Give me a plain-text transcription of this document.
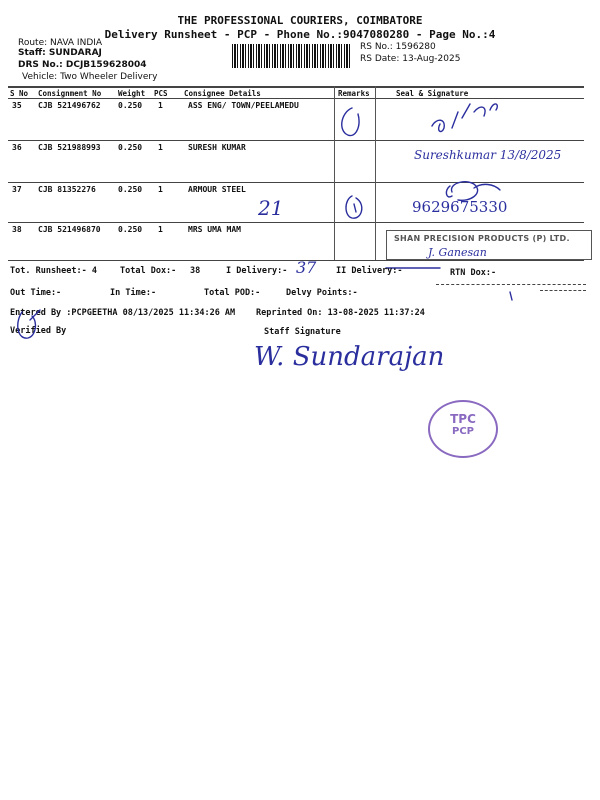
THE PROFESSIONAL COURIERS, COIMBATORE
Delivery Runsheet - PCP - Phone No.:9047080280 - Page No.:4
Route: NAVA INDIA
Staff: SUNDARAJ
DRS No.: DCJB159628004
Vehicle: Two Wheeler Delivery
RS No.: 1596280
RS Date: 13-Aug-2025
S No Consignment No Weight PCS Consignee Details	Remarks	Seal & Signature
35 CJB 521496762 0.250 1	ASS ENG/ TOWN/PEELAMEDU
36 CJB 521988993 0.250 1	SURESH KUMAR
37 CJB 81352276	0.250 1	ARMOUR STEEL
38 CJB 521496870 0.250 1	MRS UMA MAM
21	9629675330
Sureshkumar 13/8/2025
SHAN PRECISION PRODUCTS (P) LTD.
J. Ganesan
Tot. Runsheet:- 4	Total Dox:- 38	I Delivery:- 37 II Delivery:-	RTN Dox:-
Out Time:-	In Time:-	Total POD:-	Delvy Points:-
Entered By :PCPGEETHA 08/13/2025 11:34:26 AM Reprinted On: 13-08-2025 11:37:24
Verified By	Staff Signature
W. Sundarajan
TPC
PCP
